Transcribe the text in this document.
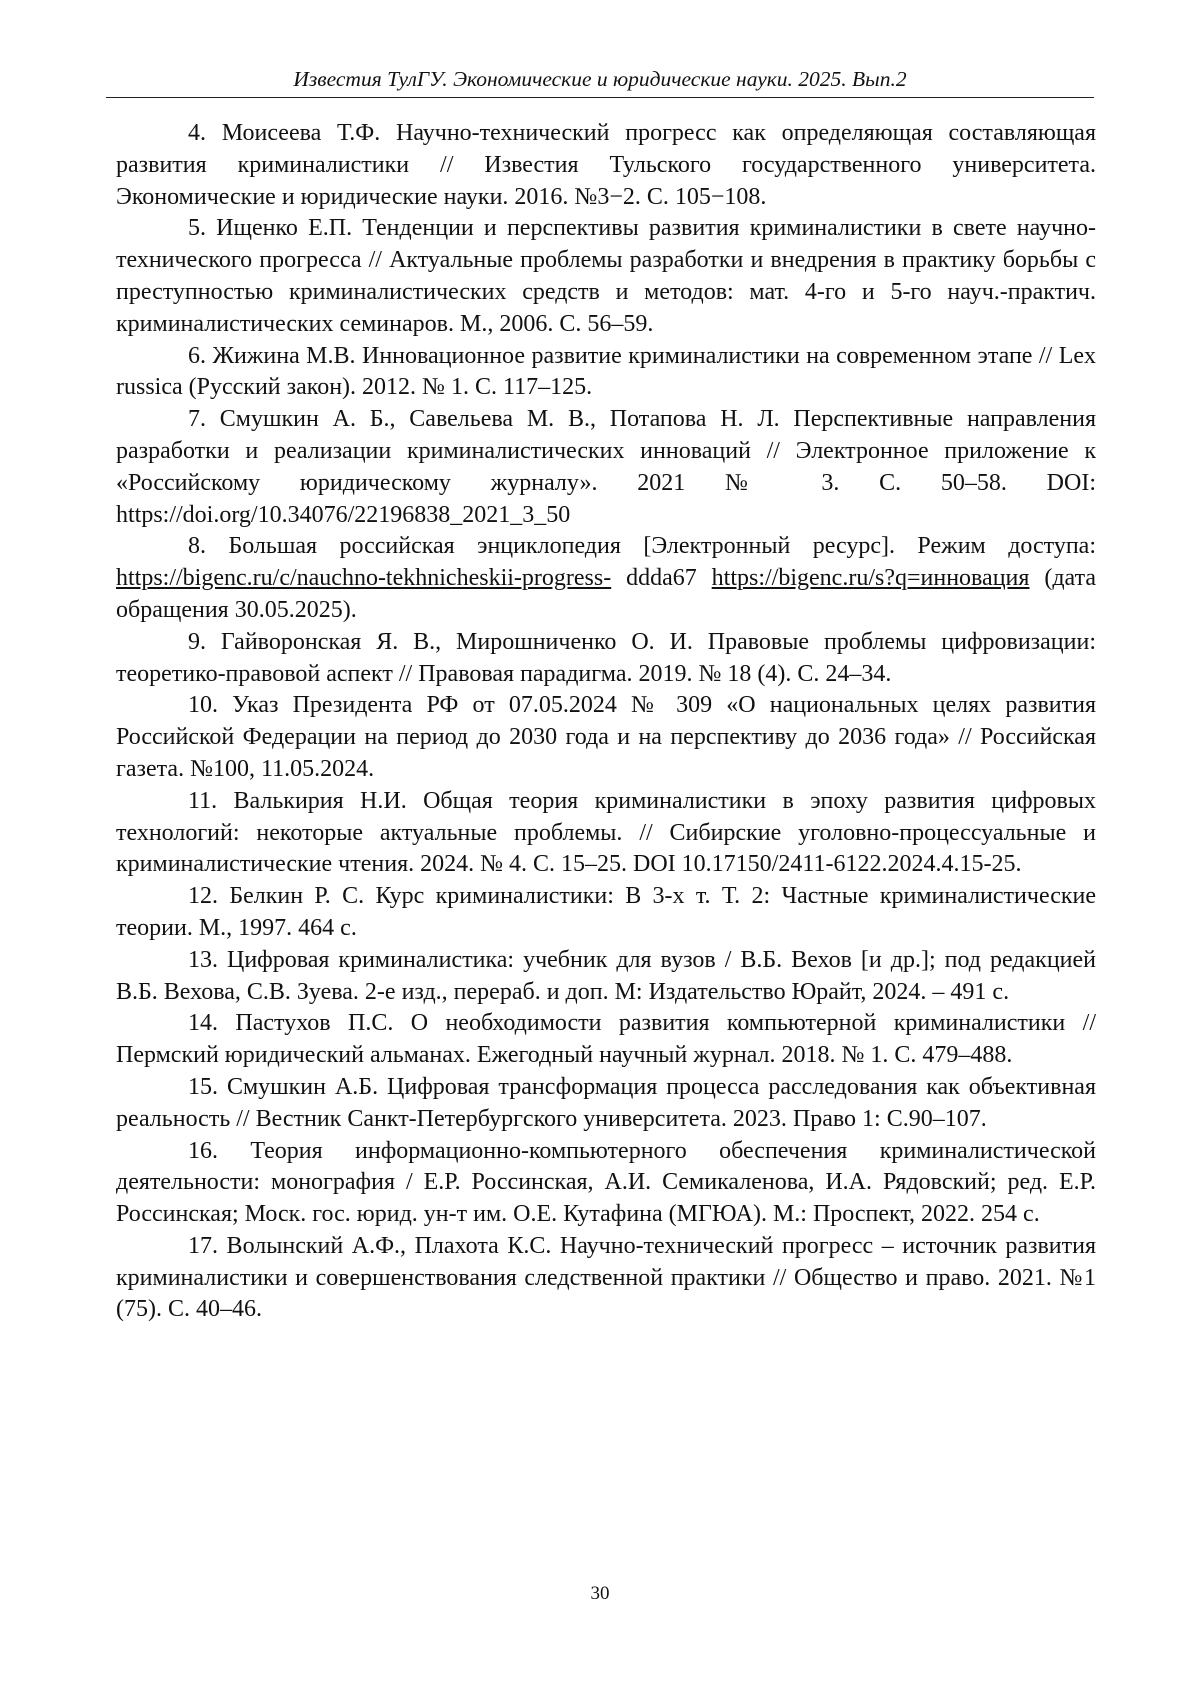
Известия ТулГУ. Экономические и юридические науки. 2025. Вып.2

4. Моисеева Т.Ф. Научно-технический прогресс как определяющая составляющая развития криминалистики // Известия Тульского государственного университета. Экономические и юридические науки. 2016. №3−2. С. 105−108.

5. Ищенко Е.П. Тенденции и перспективы развития криминалистики в свете научно-технического прогресса // Актуальные проблемы разработки и внедрения в практику борьбы с преступностью криминалистических средств и методов: мат. 4-го и 5-го науч.-практич. криминалистических семинаров. М., 2006. С. 56–59.

6. Жижина М.В. Инновационное развитие криминалистики на современном этапе // Lex russica (Русский закон). 2012. № 1. С. 117–125.

7. Смушкин А. Б., Савельева М. В., Потапова Н. Л. Перспективные направления разработки и реализации криминалистических инноваций // Электронное приложение к «Российскому юридическому журналу». 2021 № 3. С. 50–58. DOI: https://doi.org/10.34076/22196838_2021_3_50

8. Большая российская энциклопедия [Электронный ресурс]. Режим доступа: https://bigenc.ru/c/nauchno-tekhnicheskii-progress- ddda67 https://bigenc.ru/s?q=инновация (дата обращения 30.05.2025).

9. Гайворонская Я. В., Мирошниченко О. И. Правовые проблемы цифровизации: теоретико-правовой аспект // Правовая парадигма. 2019. № 18 (4). С. 24–34.

10. Указ Президента РФ от 07.05.2024 № 309 «О национальных целях развития Российской Федерации на период до 2030 года и на перспективу до 2036 года» // Российская газета. №100, 11.05.2024.

11. Валькирия Н.И. Общая теория криминалистики в эпоху развития цифровых технологий: некоторые актуальные проблемы. // Сибирские уголовно-процессуальные и криминалистические чтения. 2024. № 4. С. 15–25. DOI 10.17150/2411-6122.2024.4.15-25.

12. Белкин Р. С. Курс криминалистики: В 3-х т. Т. 2: Частные криминалистические теории. М., 1997. 464 с.

13. Цифровая криминалистика: учебник для вузов / В.Б. Вехов [и др.]; под редакцией В.Б. Вехова, С.В. Зуева. 2-е изд., перераб. и доп. М: Издательство Юрайт, 2024. – 491 с.

14. Пастухов П.С. О необходимости развития компьютерной криминалистики // Пермский юридический альманах. Ежегодный научный журнал. 2018. № 1. С. 479–488.

15. Смушкин А.Б. Цифровая трансформация процесса расследования как объективная реальность // Вестник Санкт-Петербургского университета. 2023. Право 1: С.90–107.

16. Теория информационно-компьютерного обеспечения криминалистической деятельности: монография / Е.Р. Россинская, А.И. Семикаленова, И.А. Рядовский; ред. Е.Р. Россинская; Моск. гос. юрид. ун-т им. О.Е. Кутафина (МГЮА). М.: Проспект, 2022. 254 с.

17. Волынский А.Ф., Плахота К.С. Научно-технический прогресс – источник развития криминалистики и совершенствования следственной практики // Общество и право. 2021. №1 (75). С. 40–46.

30
